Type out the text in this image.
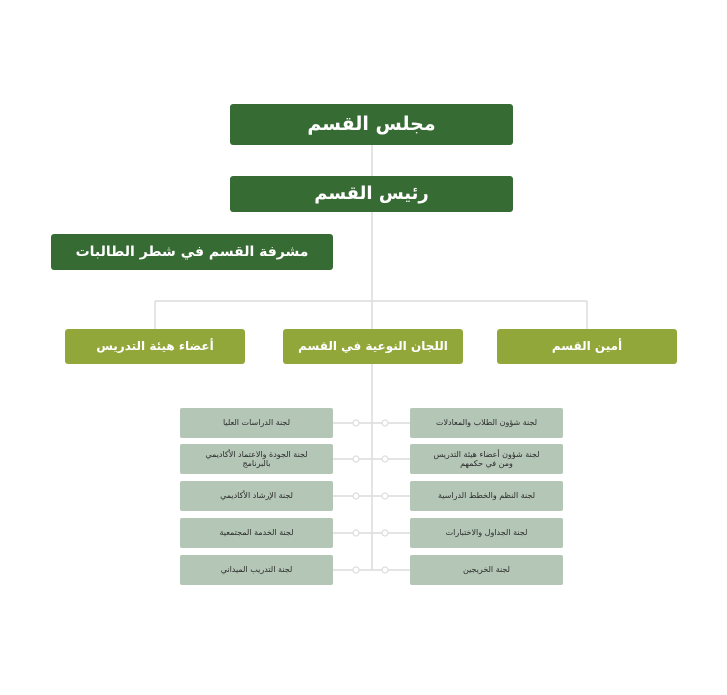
مجلس القسم
رئيس القسم
مشرفة القسم في شطر الطالبات
أمين القسم
اللجان النوعية في القسم
أعضاء هيئة التدريس
لجنة شؤون الطلاب والمعادلات
لجنة شؤون أعضاء هيئة التدريس ومن في حكمهم
لجنة النظم والخطط الدراسية
لجنة الجداول والاختبارات
لجنة الخريجين
لجنة الدراسات العليا
لجنة الجودة والاعتماد الأكاديمي بالبرنامج
لجنة الإرشاد الأكاديمي
لجنة الخدمة المجتمعية
لجنة التدريب الميداني
